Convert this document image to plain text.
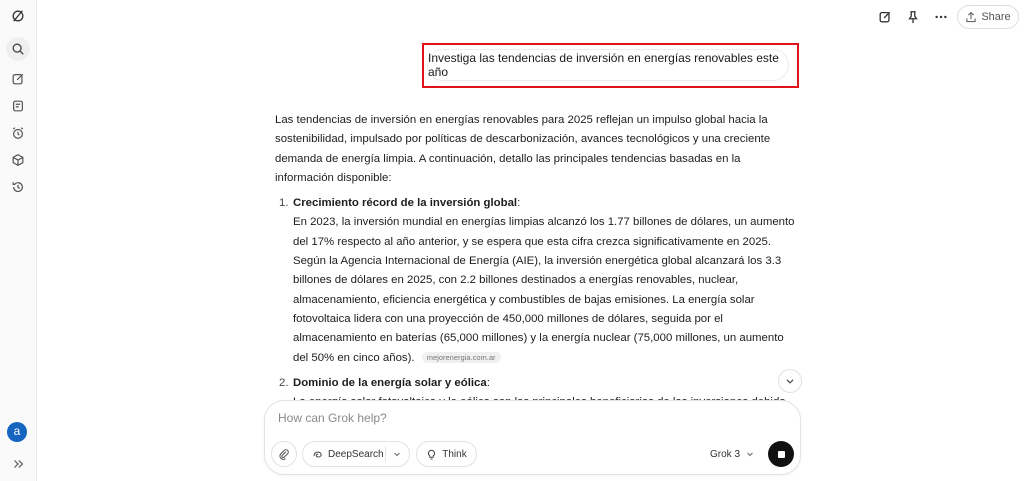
a
Share
Investiga las tendencias de inversión en energías renovables este año

Las tendencias de inversión en energías renovables para 2025 reflejan un impulso global hacia la sostenibilidad, impulsado por políticas de descarbonización, avances tecnológicos y una creciente demanda de energía limpia. A continuación, detallo las principales tendencias basadas en la información disponible:

1. Crecimiento récord de la inversión global:
En 2023, la inversión mundial en energías limpias alcanzó los 1.77 billones de dólares, un aumento del 17% respecto al año anterior, y se espera que esta cifra crezca significativamente en 2025. Según la Agencia Internacional de Energía (AIE), la inversión energética global alcanzará los 3.3 billones de dólares en 2025, con 2.2 billones destinados a energías renovables, nuclear, almacenamiento, eficiencia energética y combustibles de bajas emisiones. La energía solar fotovoltaica lidera con una proyección de 450,000 millones de dólares, seguida por el almacenamiento en baterías (65,000 millones) y la energía nuclear (75,000 millones, un aumento del 50% en cinco años). mejorenergia.com.ar
2. Dominio de la energía solar y eólica:

How can Grok help?
DeepSearch	Think	Grok 3
